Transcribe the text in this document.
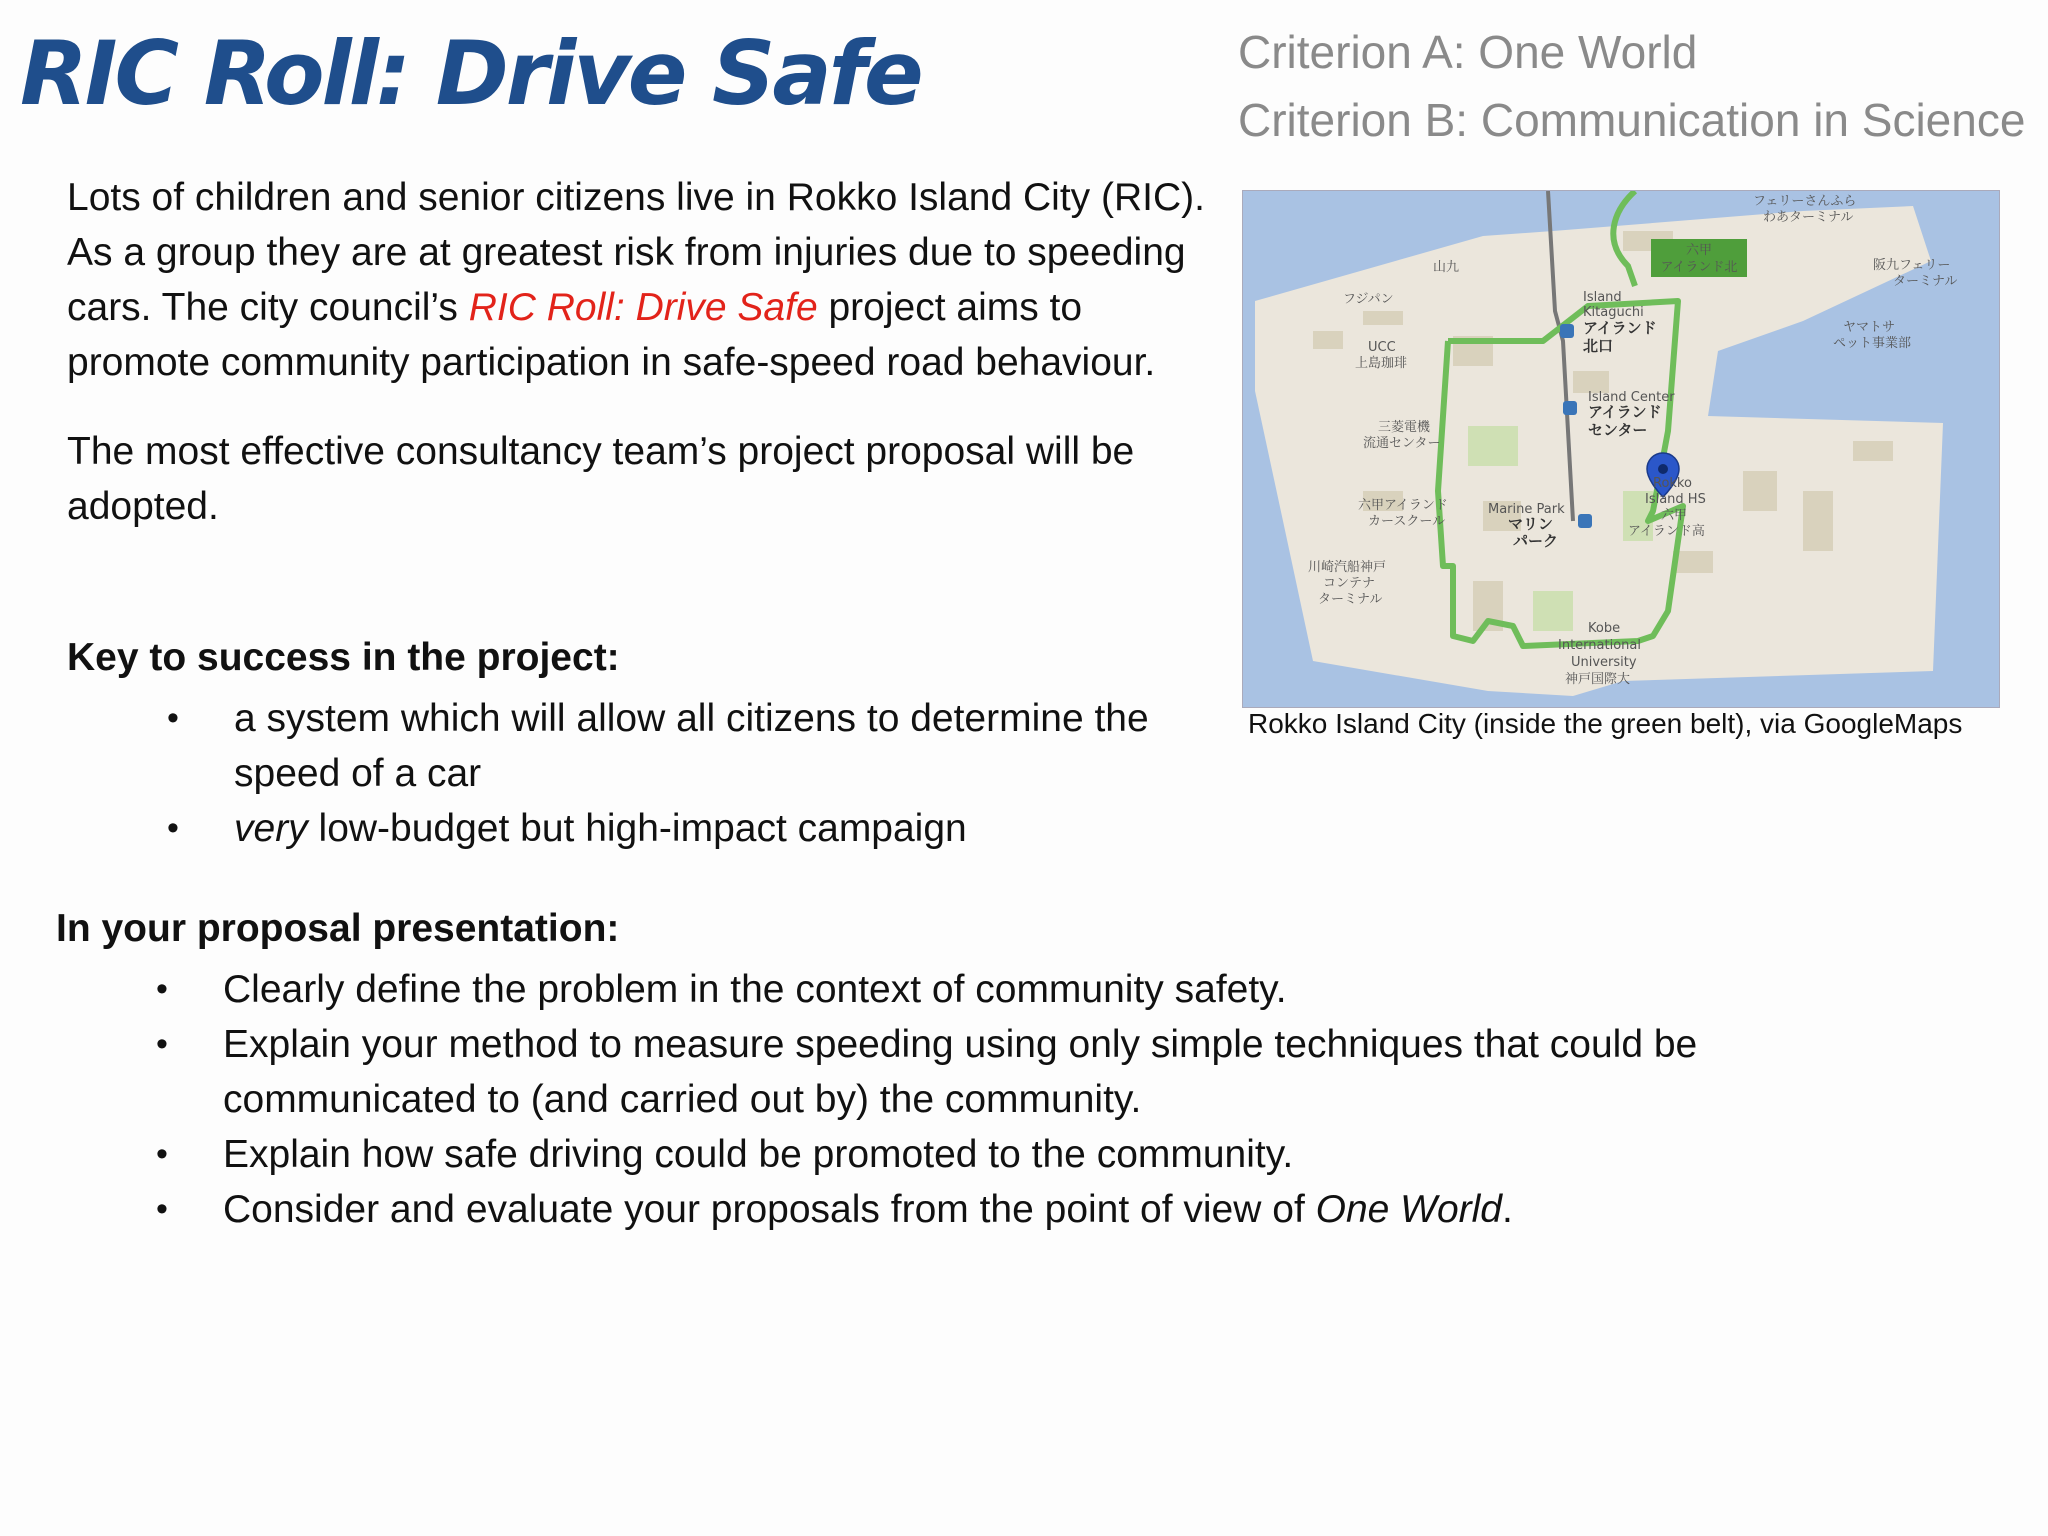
RIC Roll: Drive Safe	Criterion A: One World
Criterion B: Communication in Science

Lots of children and senior citizens live in Rokko Island City (RIC). As a group they are at greatest risk from injuries due to speeding cars. The city council’s RIC Roll: Drive Safe project aims to promote community participation in safe-speed road behaviour.

The most effective consultancy team’s project proposal will be adopted.

Key to success in the project:
• a system which will allow all citizens to determine the speed of a car
• very low-budget but high-impact campaign
In your proposal presentation:
• Clearly define the problem in the context of community safety.
• Explain your method to measure speeding using only simple techniques that could be communicated to (and carried out by) the community.
• Explain how safe driving could be promoted to the community.
• Consider and evaluate your proposals from the point of view of One World.
六甲
アイランド北
フェリーさんふら
わあターミナル
山九
フジパン	Island
Kitaguchi
アイランド
北口
UCC
上島珈琲
Island Center
アイランド
センター
阪九フェリー
ターミナル
ヤマトサ
ペット事業部
三菱電機
流通センター
Marine Park
マリン
パーク
Rokko
Island HS
六甲
アイランド高
六甲アイランド
カースクール
川崎汽船神戸
コンテナ
ターミナル
Kobe
International
University
神戸国際大
Rokko Island City (inside the green belt), via GoogleMaps
